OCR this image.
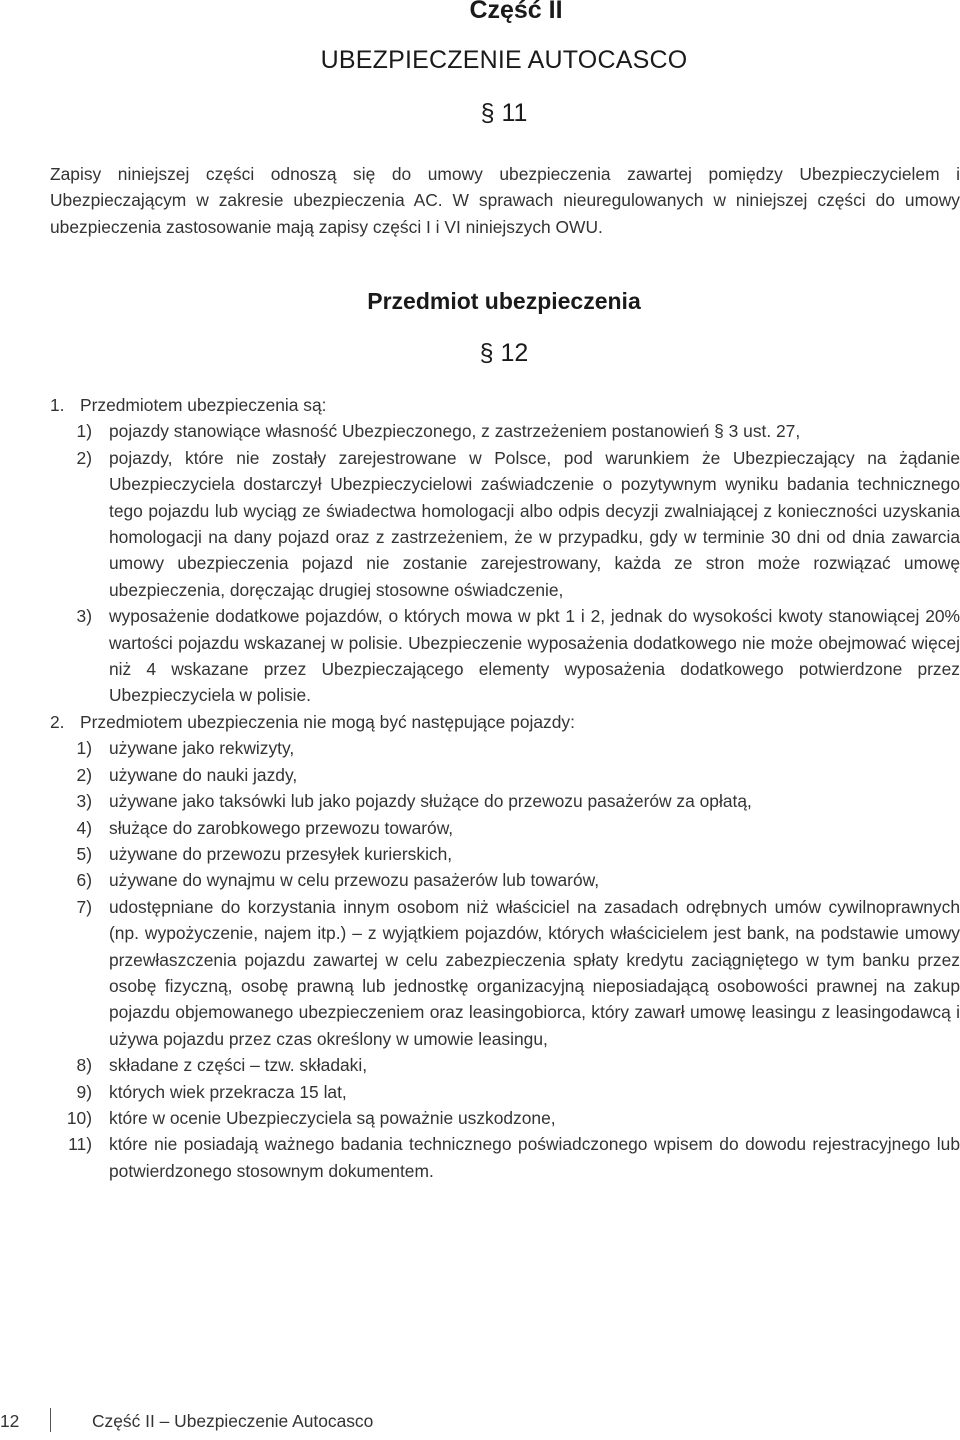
Część II
UBEZPIECZENIE AUTOCASCO
§ 11

Zapisy niniejszej części odnoszą się do umowy ubezpieczenia zawartej pomiędzy Ubezpieczycielem i Ubezpieczającym w zakresie ubezpieczenia AC. W sprawach nieuregulowanych w niniejszej części do umowy ubezpieczenia zastosowanie mają zapisy części I i VI niniejszych OWU.

Przedmiot ubezpieczenia
§ 12
1. Przedmiotem ubezpieczenia są:
1) pojazdy stanowiące własność Ubezpieczonego, z zastrzeżeniem postanowień § 3 ust. 27,
2) pojazdy, które nie zostały zarejestrowane w Polsce, pod warunkiem że Ubezpieczający na żądanie Ubezpieczyciela dostarczył Ubezpieczycielowi zaświadczenie o pozytywnym wyniku badania technicznego tego pojazdu lub wyciąg ze świadectwa homologacji albo odpis decyzji zwalniającej z konieczności uzyskania homologacji na dany pojazd oraz z zastrzeżeniem, że w przypadku, gdy w terminie 30 dni od dnia zawarcia umowy ubezpieczenia pojazd nie zostanie zarejestrowany, każda ze stron może rozwiązać umowę ubezpieczenia, doręczając drugiej stosowne oświadczenie,
3) wyposażenie dodatkowe pojazdów, o których mowa w pkt 1 i 2, jednak do wysokości kwoty stanowiącej 20% wartości pojazdu wskazanej w polisie. Ubezpieczenie wyposażenia dodatkowego nie może obejmować więcej niż 4 wskazane przez Ubezpieczającego elementy wyposażenia dodatkowego potwierdzone przez Ubezpieczyciela w polisie.
2. Przedmiotem ubezpieczenia nie mogą być następujące pojazdy:
1) używane jako rekwizyty,
2) używane do nauki jazdy,
3) używane jako taksówki lub jako pojazdy służące do przewozu pasażerów za opłatą,
4) służące do zarobkowego przewozu towarów,
5) używane do przewozu przesyłek kurierskich,
6) używane do wynajmu w celu przewozu pasażerów lub towarów,
7) udostępniane do korzystania innym osobom niż właściciel na zasadach odrębnych umów cywilnoprawnych (np. wypożyczenie, najem itp.) – z wyjątkiem pojazdów, których właścicielem jest bank, na podstawie umowy przewłaszczenia pojazdu zawartej w celu zabezpieczenia spłaty kredytu zaciągniętego w tym banku przez osobę fizyczną, osobę prawną lub jednostkę organizacyjną nieposiadającą osobowości prawnej na zakup pojazdu objemowanego ubezpieczeniem oraz leasingobiorca, który zawarł umowę leasingu z leasingodawcą i używa pojazdu przez czas określony w umowie leasingu,
8) składane z części – tzw. składaki,
9) których wiek przekracza 15 lat,
10) które w ocenie Ubezpieczyciela są poważnie uszkodzone,
11) które nie posiadają ważnego badania technicznego poświadczonego wpisem do dowodu rejestracyjnego lub potwierdzonego stosownym dokumentem.
12	Część II – Ubezpieczenie Autocasco
